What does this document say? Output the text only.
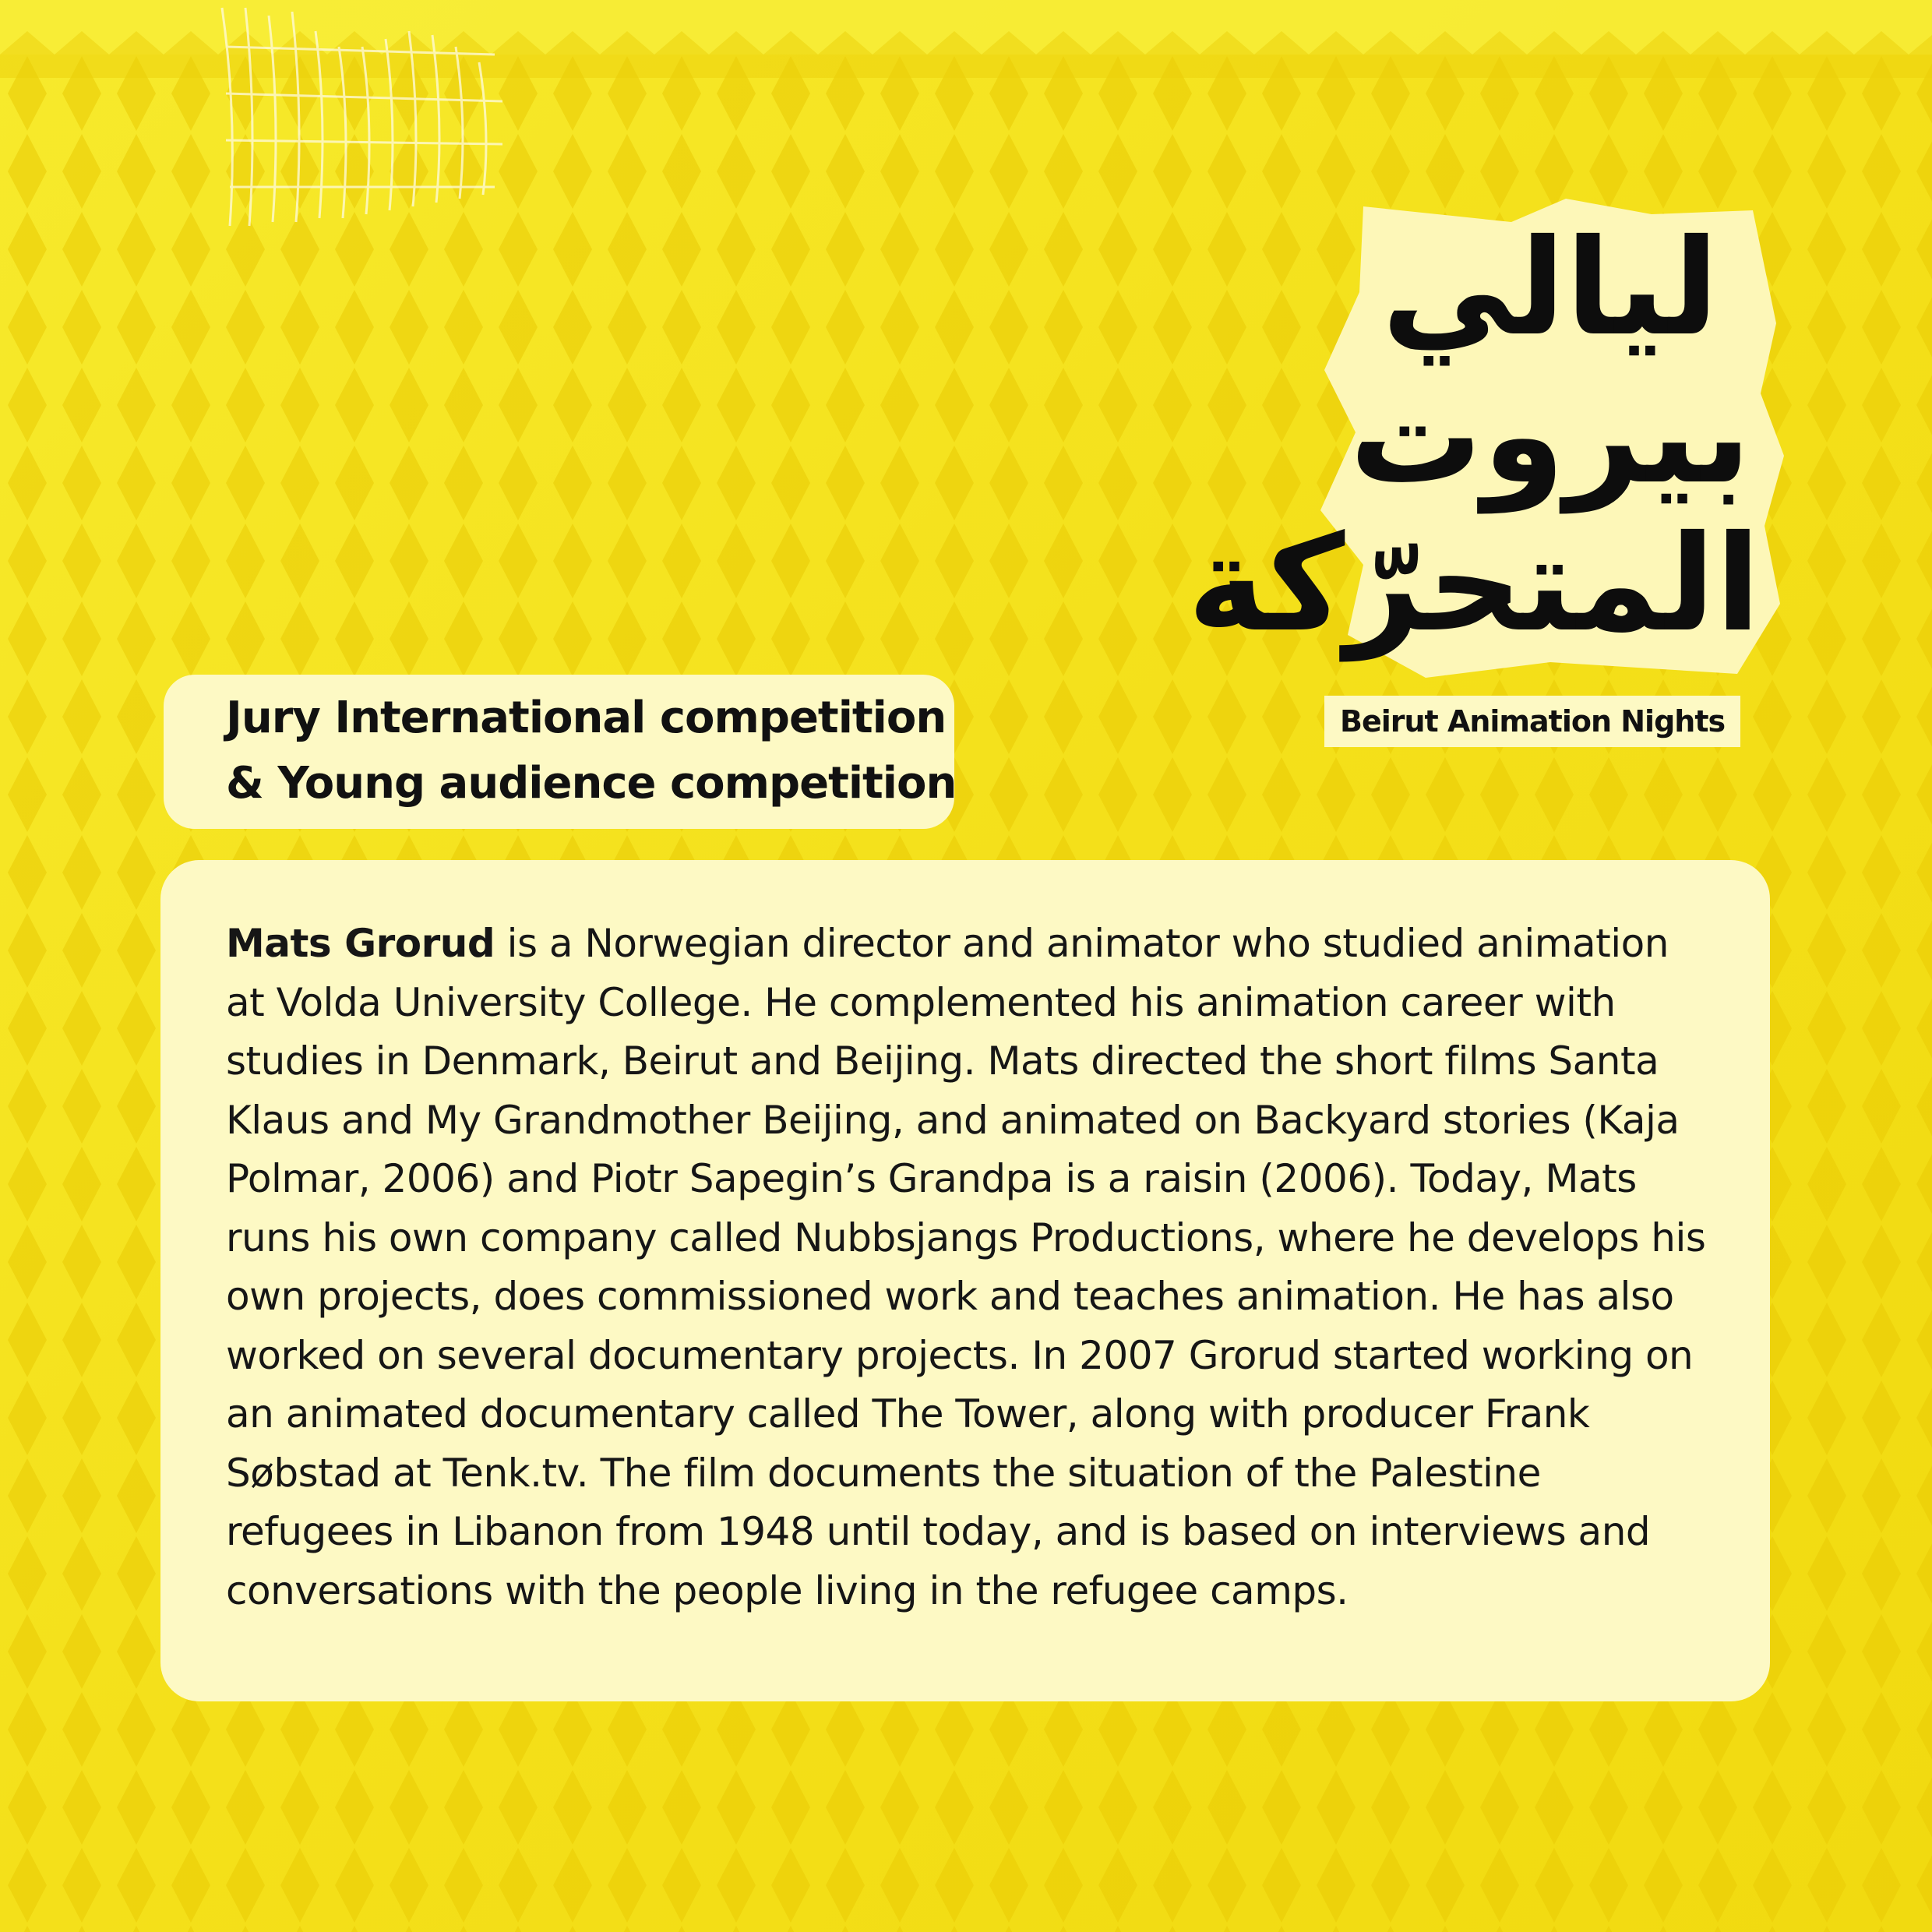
ليالي
بيروت
المتحرّكة
Beirut Animation Nights
Jury International competition
& Young audience competition
Mats Grorud is a Norwegian director and animator who studied animation at Volda University College. He complemented his animation career with studies in Denmark, Beirut and Beijing. Mats directed the short films Santa Klaus and My Grandmother Beijing, and animated on Backyard stories (Kaja Polmar, 2006) and Piotr Sapegin’s Grandpa is a raisin (2006). Today, Mats runs his own company called Nubbsjangs Productions, where he develops his own projects, does commissioned work and teaches animation. He has also worked on several documentary projects. In 2007 Grorud started working on an animated documentary called The Tower, along with producer Frank Søbstad at Tenk.tv. The film documents the situation of the Palestine refugees in Libanon from 1948 until today, and is based on interviews and conversations with the people living in the refugee camps.
